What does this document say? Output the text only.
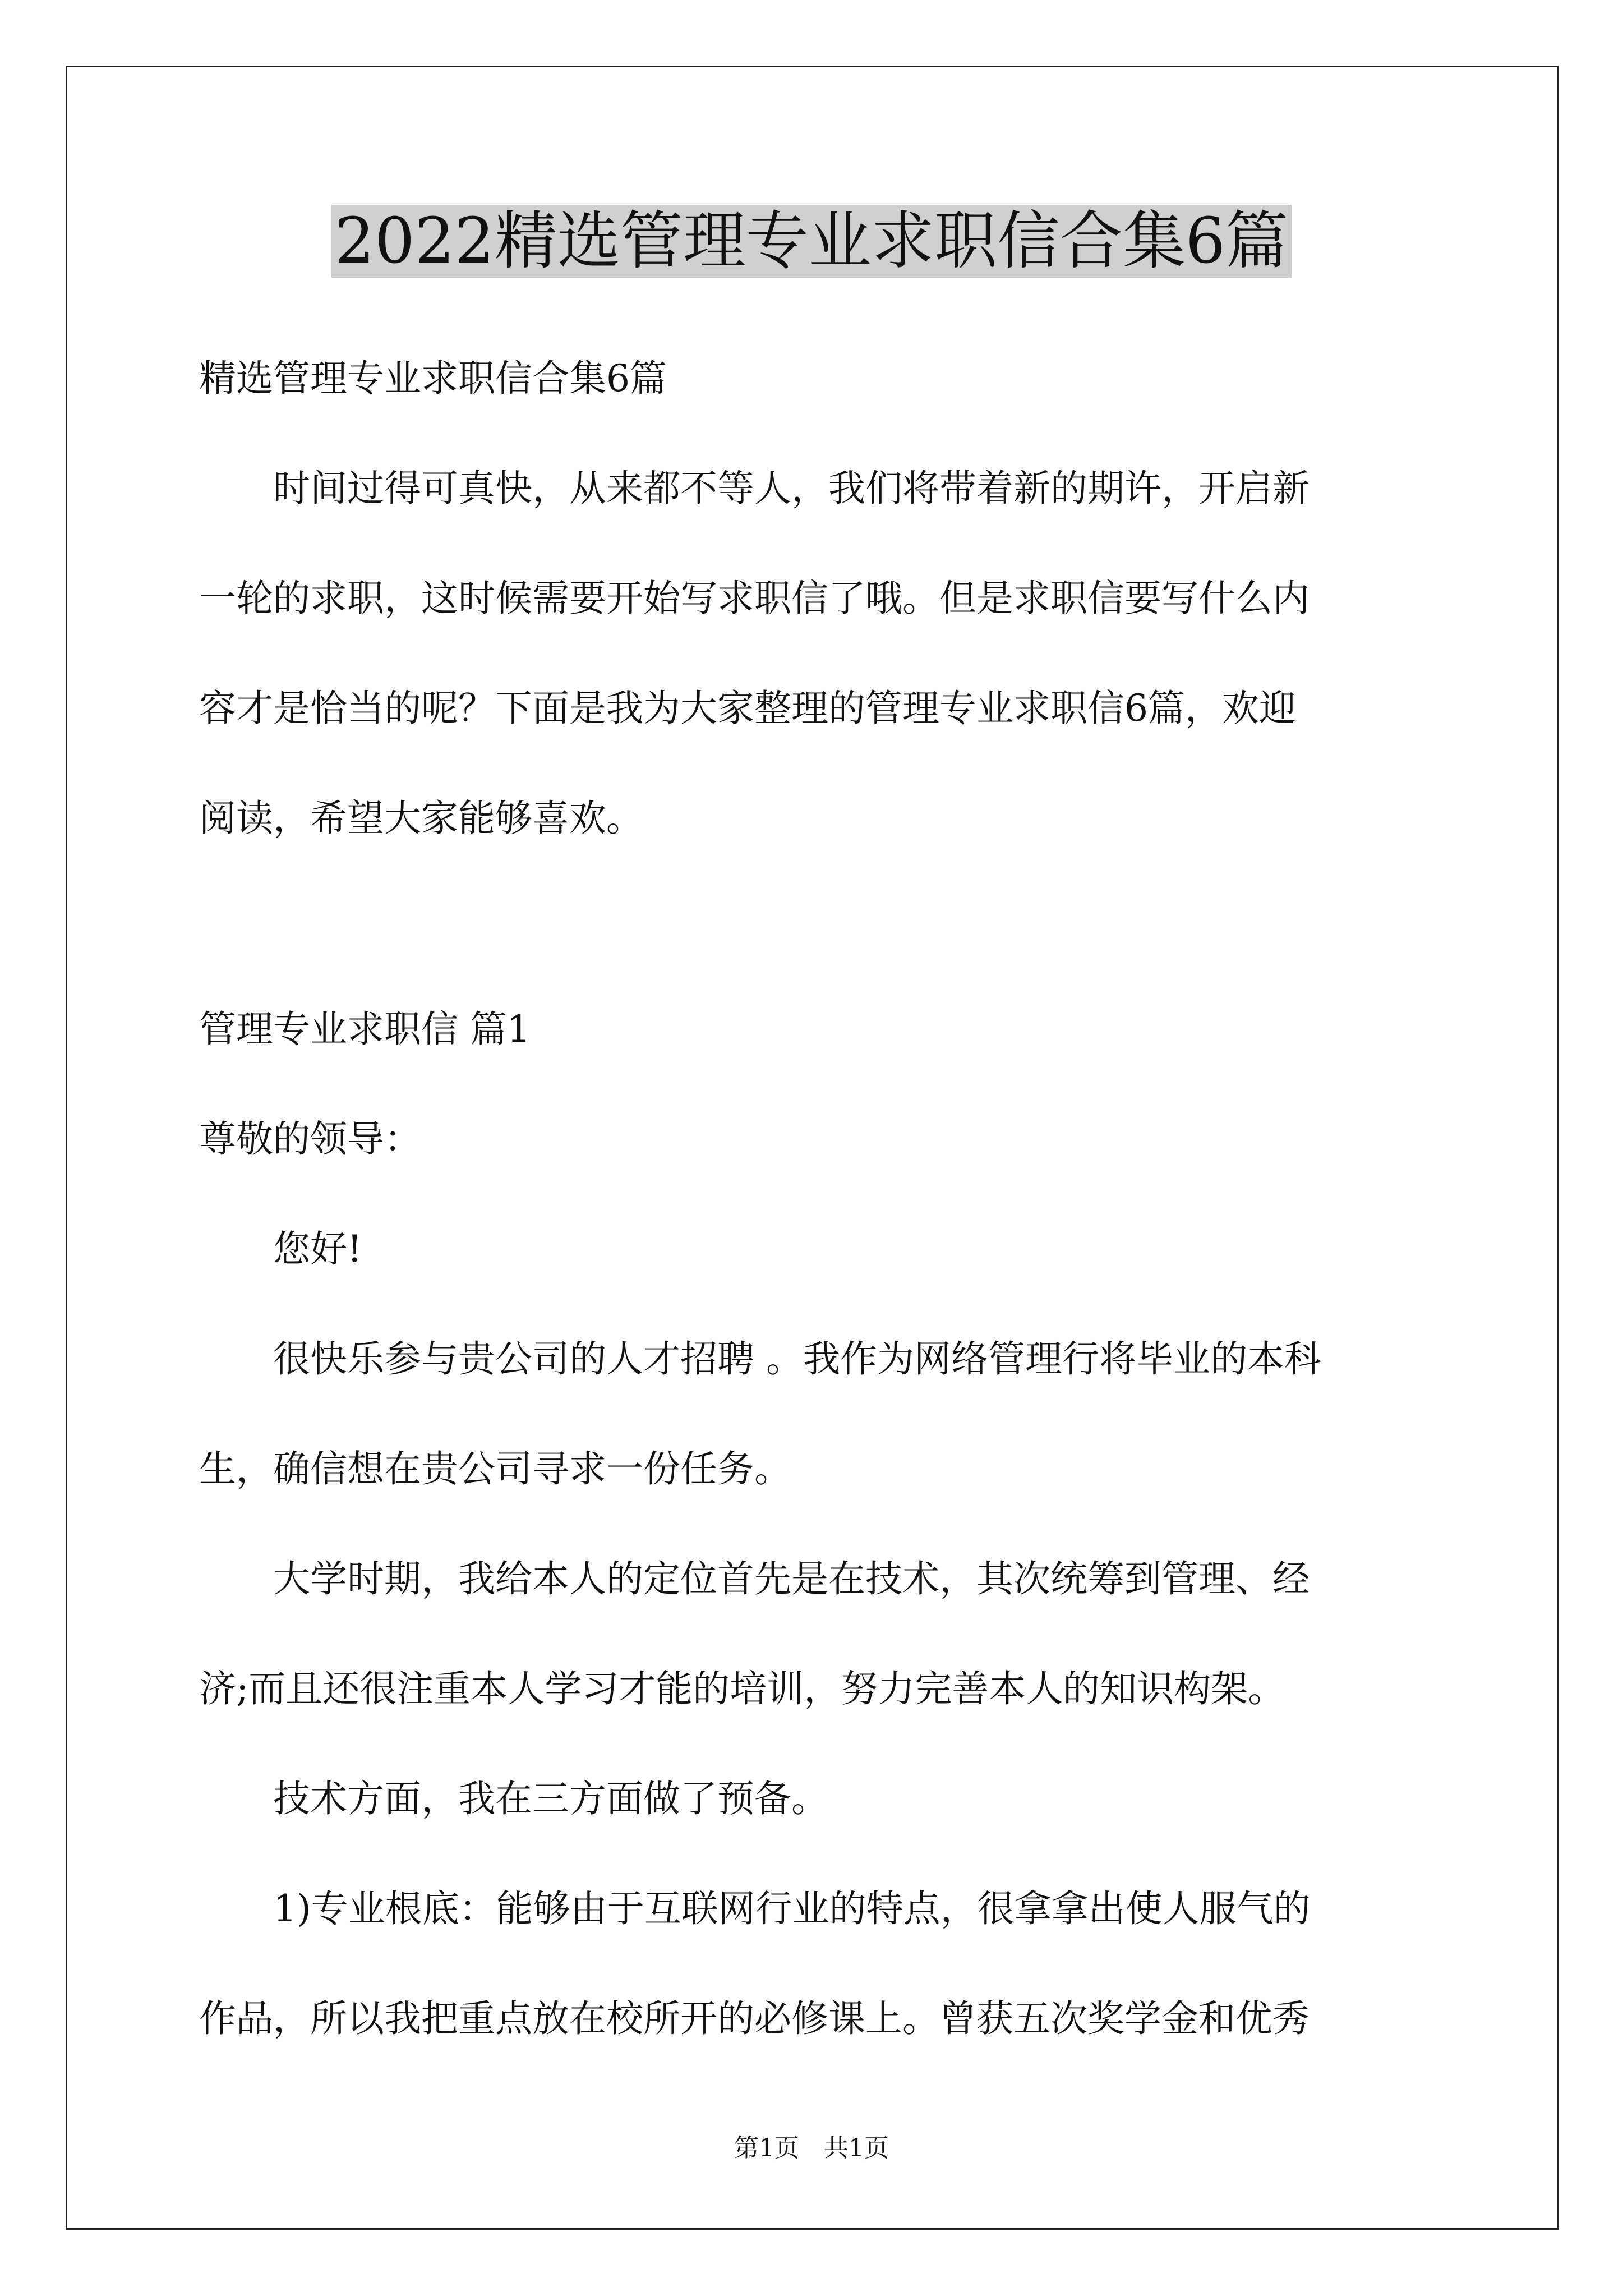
2022精选管理专业求职信合集6篇

精选管理专业求职信合集6篇

　　时间过得可真快，从来都不等人，我们将带着新的期许，开启新

一轮的求职，这时候需要开始写求职信了哦。但是求职信要写什么内

容才是恰当的呢？下面是我为大家整理的管理专业求职信6篇，欢迎

阅读，希望大家能够喜欢。

管理专业求职信 篇1

尊敬的领导：

　　您好!

　　很快乐参与贵公司的人才招聘 。我作为网络管理行将毕业的本科

生，确信想在贵公司寻求一份任务。

　　大学时期，我给本人的定位首先是在技术，其次统筹到管理、经

济;而且还很注重本人学习才能的培训，努力完善本人的知识构架。

　　技术方面，我在三方面做了预备。

　　1)专业根底：能够由于互联网行业的特点，很拿拿出使人服气的

作品，所以我把重点放在校所开的必修课上。曾获五次奖学金和优秀

第1页　共1页
